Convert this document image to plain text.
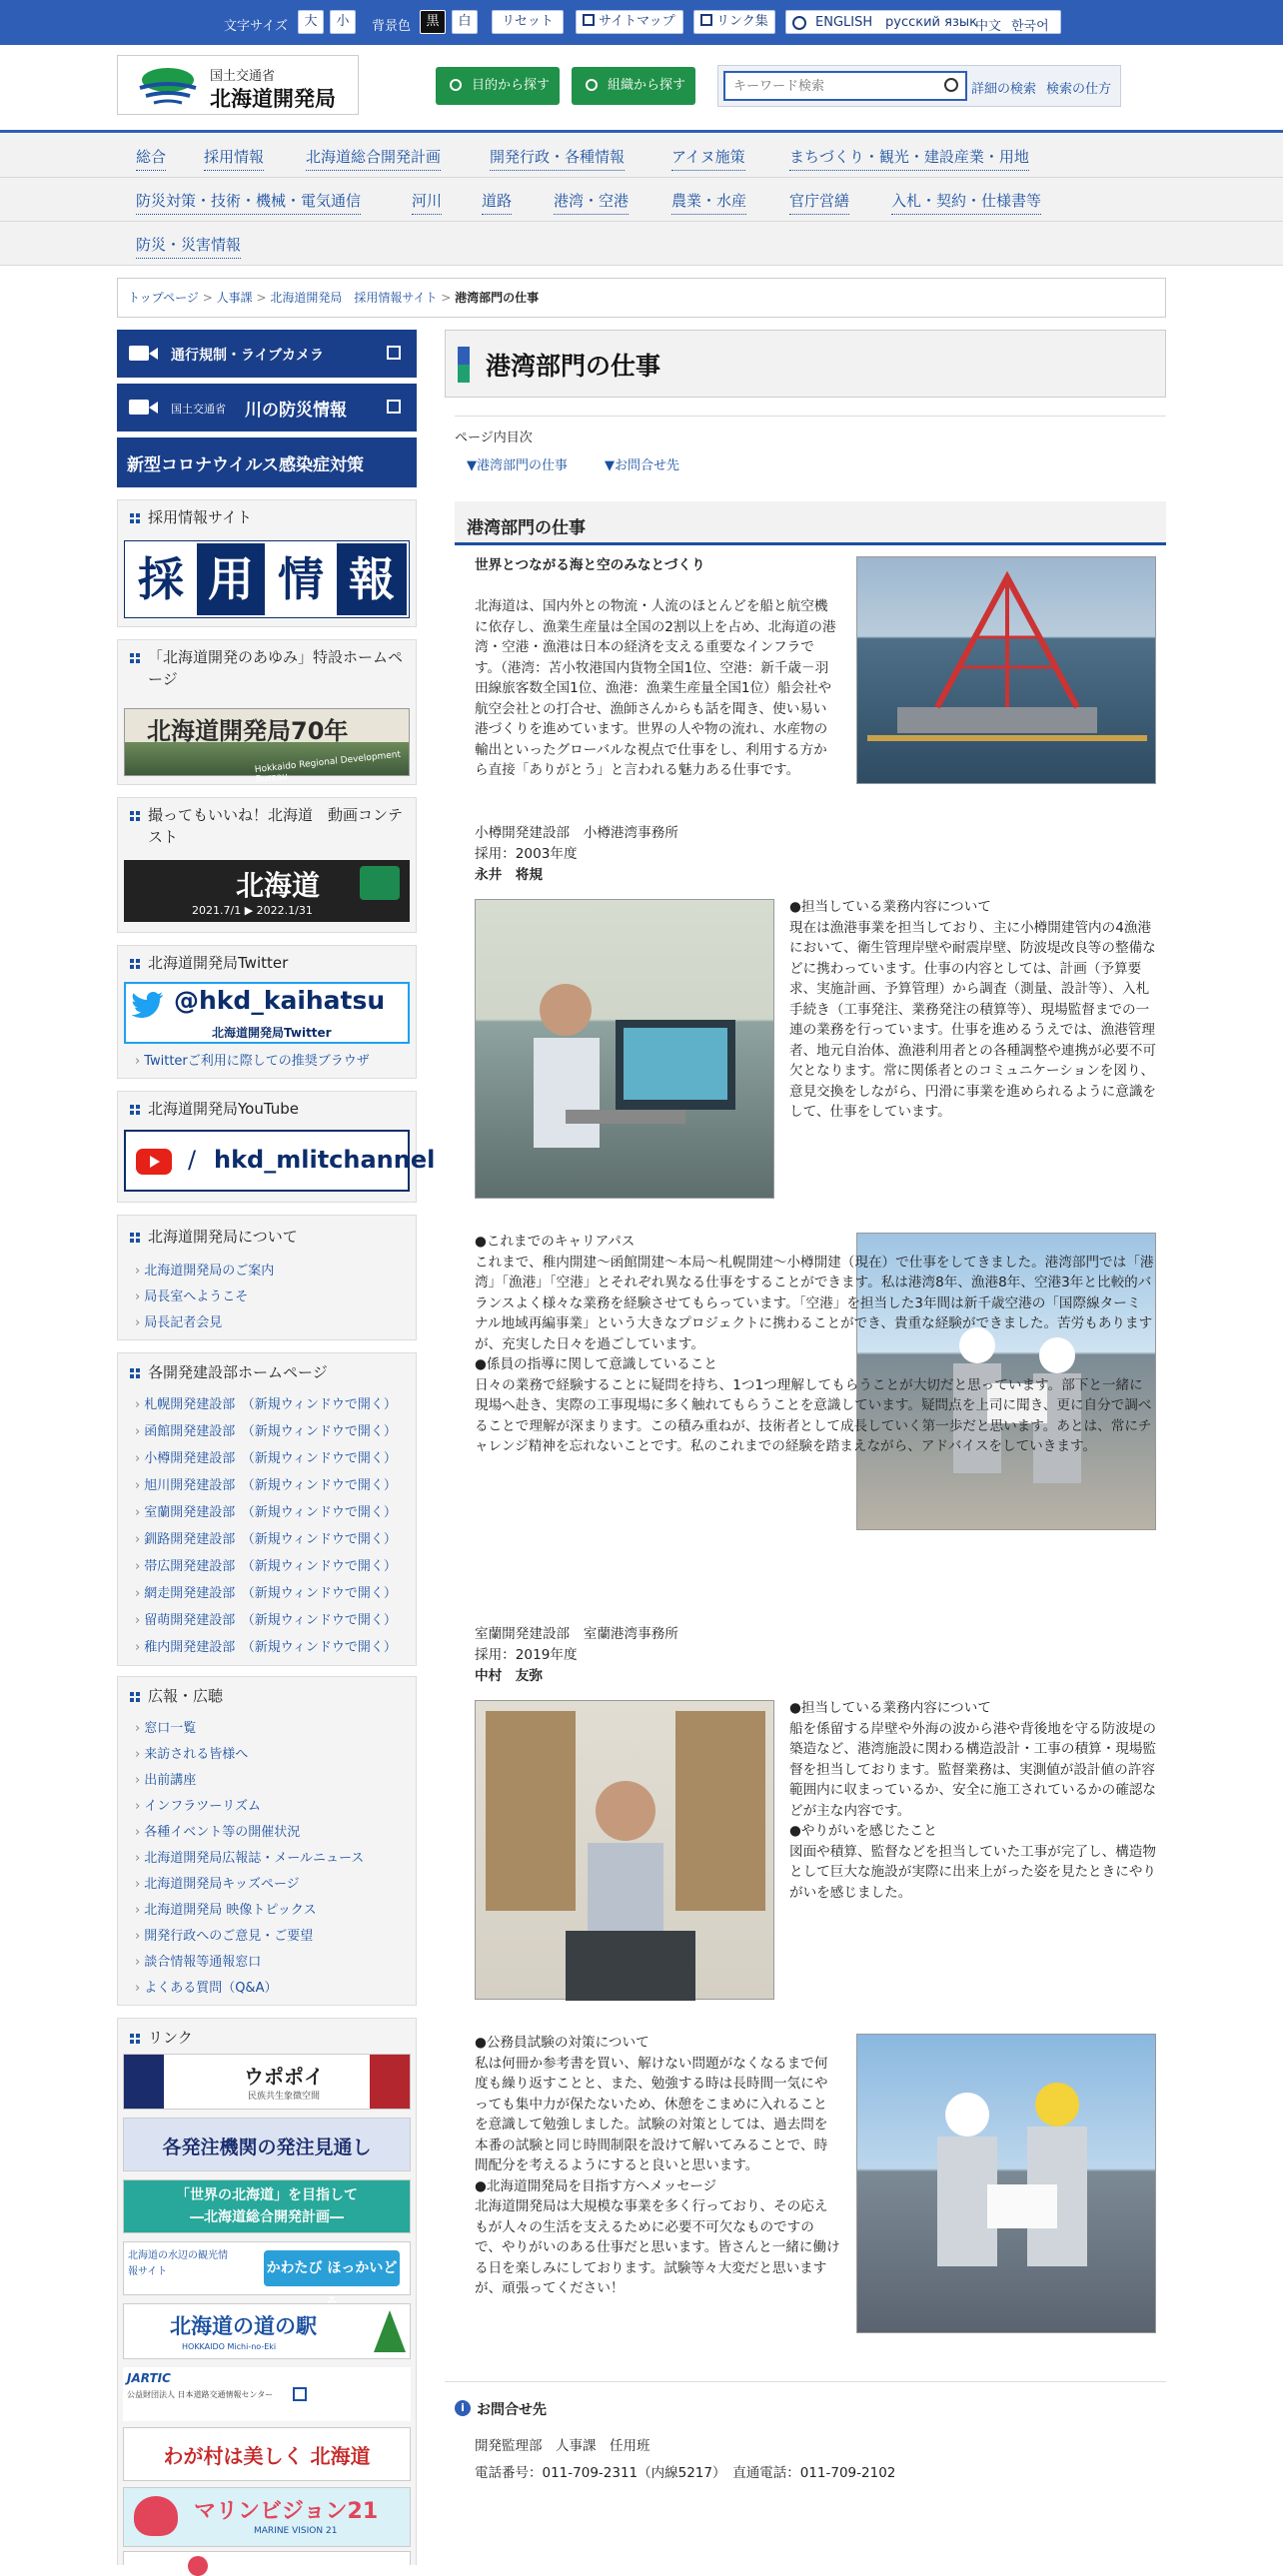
文字サイズ	大	小	背景色	黒	白	リセット	サイトマップ	リンク集	ENGLISH русский язык
中文 한국어
国土交通省
北海道開発局
目的から探す	組織から探す
キーワード検索	詳細の検索 検索の仕方
総合	採用情報	北海道総合開発計画	開発行政・各種情報	アイヌ施策	まちづくり・観光・建設産業・用地
防災対策・技術・機械・電気通信	河川	道路	港湾・空港	農業・水産	官庁営繕	入札・契約・仕様書等
防災・災害情報
トップページ > 人事課 > 北海道開発局　採用情報サイト > 港湾部門の仕事
通行規制・ライブカメラ
国土交通省 川の防災情報
新型コロナウイルス感染症対策
採用情報サイト
採 用 情 報
「北海道開発のあゆみ」特設ホームページ
北海道開発局70年
Hokkaido Regional Development Bureau
撮ってもいいね！北海道　動画コンテスト
北海道
2021.7/1 ▶ 2022.1/31
北海道開発局Twitter
@hkd_kaihatsu
北海道開発局Twitter
› Twitterご利用に際しての推奨ブラウザ
北海道開発局YouTube
/ hkd_mlitchannel
北海道開発局について
› 北海道開発局のご案内
› 局長室へようこそ
› 局長記者会見
各開発建設部ホームページ
› 札幌開発建設部　（新規ウィンドウで開く）
› 函館開発建設部　（新規ウィンドウで開く）
› 小樽開発建設部　（新規ウィンドウで開く）
› 旭川開発建設部　（新規ウィンドウで開く）
› 室蘭開発建設部　（新規ウィンドウで開く）
› 釧路開発建設部　（新規ウィンドウで開く）
› 帯広開発建設部　（新規ウィンドウで開く）
› 網走開発建設部　（新規ウィンドウで開く）
› 留萌開発建設部　（新規ウィンドウで開く）
› 稚内開発建設部　（新規ウィンドウで開く）
広報・広聴
› 窓口一覧
› 来訪される皆様へ
› 出前講座
› インフラツーリズム
› 各種イベント等の開催状況
› 北海道開発局広報誌・メールニュース
› 北海道開発局キッズページ
› 北海道開発局 映像トピックス
› 開発行政へのご意見・ご要望
› 談合情報等通報窓口
› よくある質問（Q&A）
リンク
ウポポイ
民族共生象徴空間
各発注機関の発注見通し

「世界の北海道」を目指して
―北海道総合開発計画―

北海道の水辺の観光情報サイト	かわたび ほっかいど
北海道の道の駅
HOKKAIDO Michi-no-Eki
JARTIC
公益財団法人 日本道路交通情報センター
わが村は美しく 北海道
マリンビジョン21
MARINE VISION 21
港湾部門の仕事
ページ内目次
▼港湾部門の仕事	▼お問合せ先
港湾部門の仕事
世界とつながる海と空のみなとづくり
北海道は、国内外との物流・人流のほとんどを船と航空機に依存し、漁業生産量は全国の2割以上を占め、北海道の港湾・空港・漁港は日本の経済を支える重要なインフラです。（港湾：苫小牧港国内貨物全国1位、空港：新千歳－羽田線旅客数全国1位、漁港：漁業生産量全国1位）船会社や航空会社との打合せ、漁師さんからも話を聞き、使い易い港づくりを進めています。世界の人や物の流れ、水産物の輸出といったグローバルな視点で仕事をし、利用する方から直接「ありがとう」と言われる魅力ある仕事です。
小樽開発建設部　小樽港湾事務所
採用：2003年度
永井　将規
●担当している業務内容について
現在は漁港事業を担当しており、主に小樽開建管内の4漁港において、衛生管理岸壁や耐震岸壁、防波堤改良等の整備などに携わっています。仕事の内容としては、計画（予算要求、実施計画、予算管理）から調査（測量、設計等）、入札手続き（工事発注、業務発注の積算等）、現場監督までの一連の業務を行っています。仕事を進めるうえでは、漁港管理者、地元自治体、漁港利用者との各種調整や連携が必要不可欠となります。常に関係者とのコミュニケーションを図り、意見交換をしながら、円滑に事業を進められるように意識をして、仕事をしています。
●これまでのキャリアパス
これまで、稚内開建～函館開建～本局～札幌開建～小樽開建（現在）で仕事をしてきました。港湾部門では「港湾」「漁港」「空港」とそれぞれ異なる仕事をすることができます。私は港湾8年、漁港8年、空港3年と比較的バランスよく様々な業務を経験させてもらっています。「空港」を担当した3年間は新千歳空港の「国際線ターミナル地域再編事業」という大きなプロジェクトに携わることができ、貴重な経験ができました。苦労もありますが、充実した日々を過ごしています。
●係員の指導に関して意識していること
日々の業務で経験することに疑問を持ち、1つ1つ理解してもらうことが大切だと思っています。部下と一緒に現場へ赴き、実際の工事現場に多く触れてもらうことを意識しています。疑問点を上司に聞き、更に自分で調べることで理解が深まります。この積み重ねが、技術者として成長していく第一歩だと思います。あとは、常にチャレンジ精神を忘れないことです。私のこれまでの経験を踏まえながら、アドバイスをしていきます。
室蘭開発建設部　室蘭港湾事務所
採用：2019年度
中村　友弥
●担当している業務内容について
船を係留する岸壁や外海の波から港や背後地を守る防波堤の築造など、港湾施設に関わる構造設計・工事の積算・現場監督を担当しております。監督業務は、実測値が設計値の許容範囲内に収まっているか、安全に施工されているかの確認などが主な内容です。
●やりがいを感じたこと
図面や積算、監督などを担当していた工事が完了し、構造物として巨大な施設が実際に出来上がった姿を見たときにやりがいを感じました。
●公務員試験の対策について
私は何冊か参考書を買い、解けない問題がなくなるまで何度も繰り返すことと、また、勉強する時は長時間一気にやっても集中力が保たないため、休憩をこまめに入れることを意識して勉強しました。試験の対策としては、過去問を本番の試験と同じ時間制限を設けて解いてみることで、時間配分を考えるようにすると良いと思います。
●北海道開発局を目指す方へメッセージ
北海道開発局は大規模な事業を多く行っており、その応えもが人々の生活を支えるために必要不可欠なものですので、やりがいのある仕事だと思います。皆さんと一緒に働ける日を楽しみにしております。試験等々大変だと思いますが、頑張ってください！
i お問合せ先
開発監理部　人事課　任用班
電話番号：011-709-2311（内線5217）　直通電話：011-709-2102
